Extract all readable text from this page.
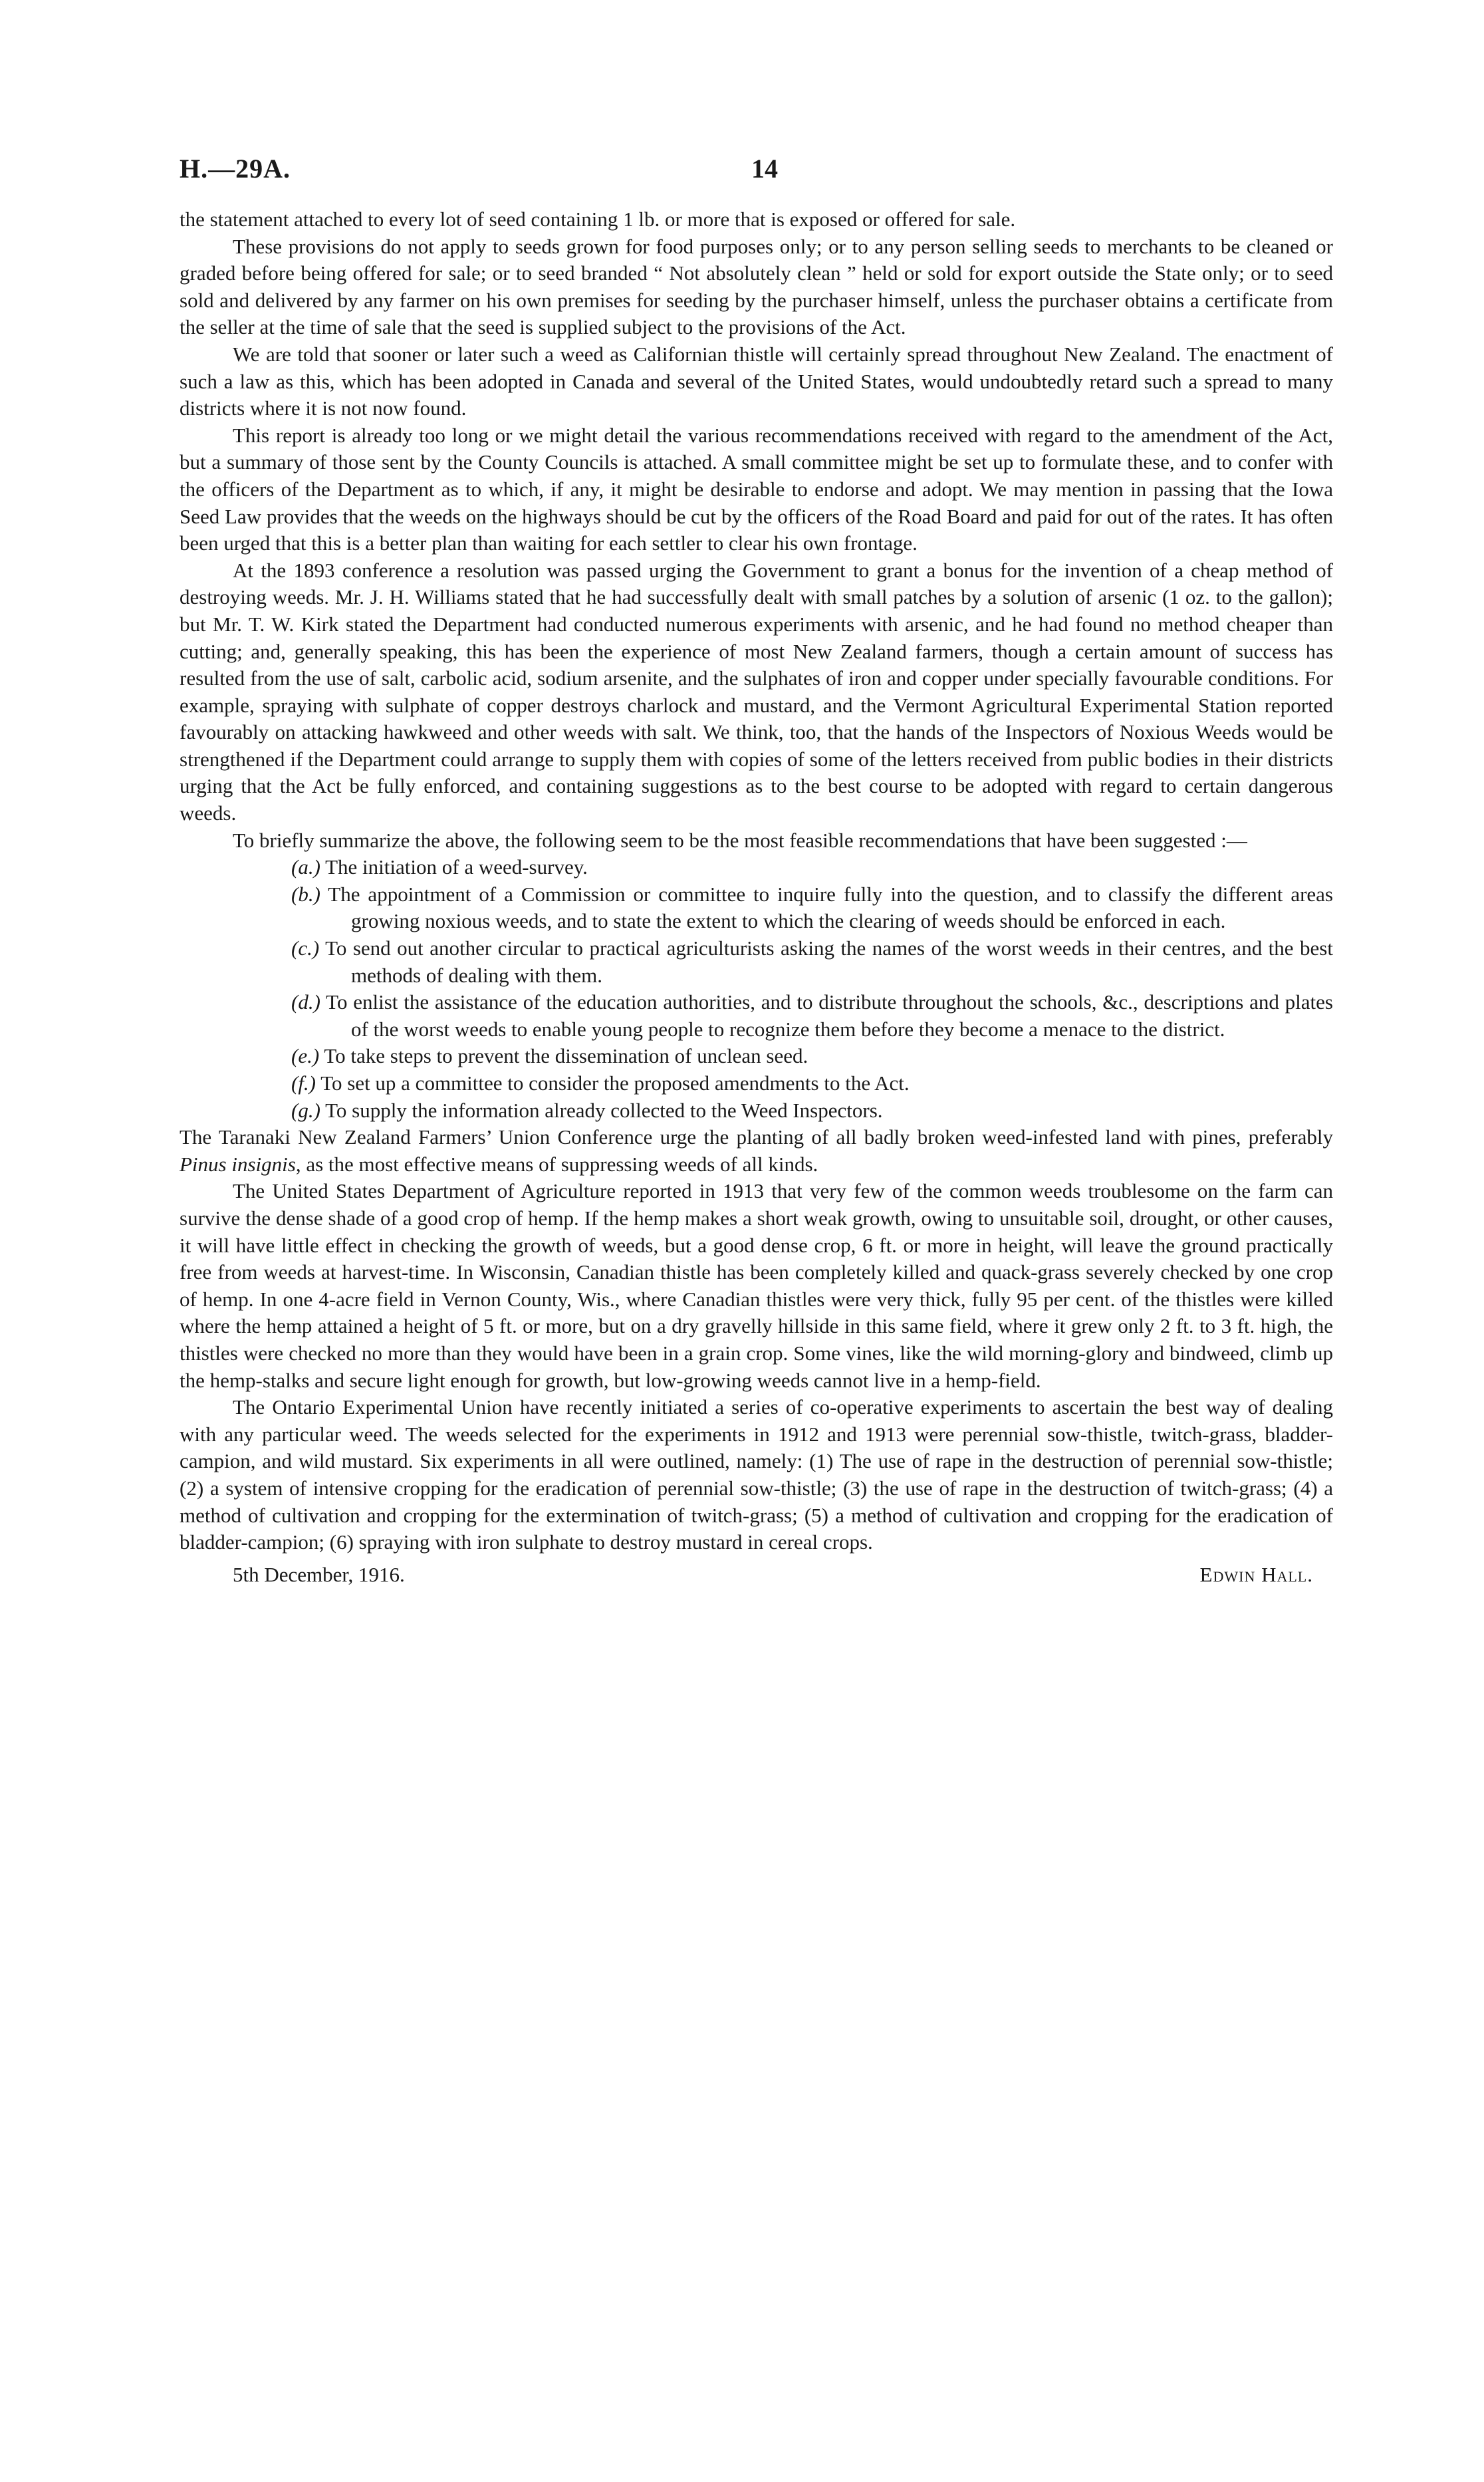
H.—29A.	14

the statement attached to every lot of seed containing 1 lb. or more that is exposed or offered for sale.

These provisions do not apply to seeds grown for food purposes only; or to any person selling seeds to merchants to be cleaned or graded before being offered for sale; or to seed branded “ Not absolutely clean ” held or sold for export outside the State only; or to seed sold and delivered by any farmer on his own premises for seeding by the purchaser himself, unless the purchaser obtains a certificate from the seller at the time of sale that the seed is supplied subject to the provisions of the Act.

We are told that sooner or later such a weed as Californian thistle will certainly spread throughout New Zealand. The enactment of such a law as this, which has been adopted in Canada and several of the United States, would undoubtedly retard such a spread to many districts where it is not now found.

This report is already too long or we might detail the various recommendations received with regard to the amendment of the Act, but a summary of those sent by the County Councils is attached. A small committee might be set up to formulate these, and to confer with the officers of the Department as to which, if any, it might be desirable to endorse and adopt. We may mention in passing that the Iowa Seed Law provides that the weeds on the highways should be cut by the officers of the Road Board and paid for out of the rates. It has often been urged that this is a better plan than waiting for each settler to clear his own frontage.

At the 1893 conference a resolution was passed urging the Government to grant a bonus for the invention of a cheap method of destroying weeds. Mr. J. H. Williams stated that he had successfully dealt with small patches by a solution of arsenic (1 oz. to the gallon); but Mr. T. W. Kirk stated the Department had conducted numerous experiments with arsenic, and he had found no method cheaper than cutting; and, generally speaking, this has been the experience of most New Zealand farmers, though a certain amount of success has resulted from the use of salt, carbolic acid, sodium arsenite, and the sulphates of iron and copper under specially favourable conditions. For example, spraying with sulphate of copper destroys charlock and mustard, and the Vermont Agricultural Experimental Station reported favourably on attacking hawkweed and other weeds with salt. We think, too, that the hands of the Inspectors of Noxious Weeds would be strengthened if the Department could arrange to supply them with copies of some of the letters received from public bodies in their districts urging that the Act be fully enforced, and containing suggestions as to the best course to be adopted with regard to certain dangerous weeds.

To briefly summarize the above, the following seem to be the most feasible recommendations that have been suggested :—

(a.) The initiation of a weed-survey.
(b.) The appointment of a Commission or committee to inquire fully into the question, and to classify the different areas growing noxious weeds, and to state the extent to which the clearing of weeds should be enforced in each.
(c.) To send out another circular to practical agriculturists asking the names of the worst weeds in their centres, and the best methods of dealing with them.
(d.) To enlist the assistance of the education authorities, and to distribute throughout the schools, &c., descriptions and plates of the worst weeds to enable young people to recognize them before they become a menace to the district.
(e.) To take steps to prevent the dissemination of unclean seed.
(f.) To set up a committee to consider the proposed amendments to the Act.
(g.) To supply the information already collected to the Weed Inspectors.

The Taranaki New Zealand Farmers’ Union Conference urge the planting of all badly broken weed-infested land with pines, preferably Pinus insignis, as the most effective means of suppressing weeds of all kinds.

The United States Department of Agriculture reported in 1913 that very few of the common weeds troublesome on the farm can survive the dense shade of a good crop of hemp. If the hemp makes a short weak growth, owing to unsuitable soil, drought, or other causes, it will have little effect in checking the growth of weeds, but a good dense crop, 6 ft. or more in height, will leave the ground practically free from weeds at harvest-time. In Wisconsin, Canadian thistle has been completely killed and quack-grass severely checked by one crop of hemp. In one 4-acre field in Vernon County, Wis., where Canadian thistles were very thick, fully 95 per cent. of the thistles were killed where the hemp attained a height of 5 ft. or more, but on a dry gravelly hillside in this same field, where it grew only 2 ft. to 3 ft. high, the thistles were checked no more than they would have been in a grain crop. Some vines, like the wild morning-glory and bindweed, climb up the hemp-stalks and secure light enough for growth, but low-growing weeds cannot live in a hemp-field.

The Ontario Experimental Union have recently initiated a series of co-operative experiments to ascertain the best way of dealing with any particular weed. The weeds selected for the experiments in 1912 and 1913 were perennial sow-thistle, twitch-grass, bladder-campion, and wild mustard. Six experiments in all were outlined, namely: (1) The use of rape in the destruction of perennial sow-thistle; (2) a system of intensive cropping for the eradication of perennial sow-thistle; (3) the use of rape in the destruction of twitch-grass; (4) a method of cultivation and cropping for the extermination of twitch-grass; (5) a method of cultivation and cropping for the eradication of bladder-campion; (6) spraying with iron sulphate to destroy mustard in cereal crops.

5th December, 1916.	Edwin Hall.
